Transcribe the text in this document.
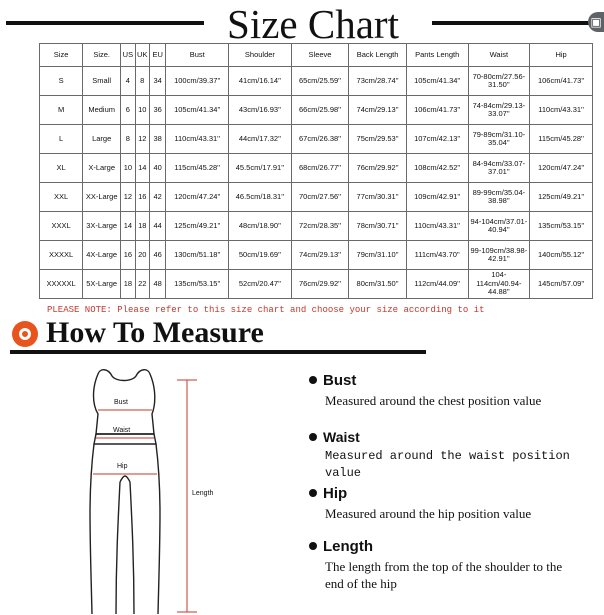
Size Chart	▣
Size	Size.	US	UK	EU	Bust	Shoulder	Sleeve	Back Length	Pants Length	Waist	Hip
S	Small	4	8	34	100cm/39.37''	41cm/16.14''	65cm/25.59''	73cm/28.74''	105cm/41.34''	70-80cm/27.56-31.50''	106cm/41.73''
M	Medium	6	10	36	105cm/41.34''	43cm/16.93''	66cm/25.98''	74cm/29.13''	106cm/41.73''	74-84cm/29.13-33.07''	110cm/43.31''
L	Large	8	12	38	110cm/43.31''	44cm/17.32''	67cm/26.38''	75cm/29.53''	107cm/42.13''	79-89cm/31.10-35.04''	115cm/45.28''
XL	X-Large	10	14	40	115cm/45.28''	45.5cm/17.91''	68cm/26.77''	76cm/29.92''	108cm/42.52''	84-94cm/33.07-37.01''	120cm/47.24''
XXL	XX-Large	12	16	42	120cm/47.24''	46.5cm/18.31''	70cm/27.56''	77cm/30.31''	109cm/42.91''	89-99cm/35.04-38.98''	125cm/49.21''
XXXL	3X-Large	14	18	44	125cm/49.21''	48cm/18.90''	72cm/28.35''	78cm/30.71''	110cm/43.31''	94-104cm/37.01-40.94''	135cm/53.15''
XXXXL	4X-Large	16	20	46	130cm/51.18''	50cm/19.69''	74cm/29.13''	79cm/31.10''	111cm/43.70''	99-109cm/38.98-42.91''	140cm/55.12''
XXXXXL	5X-Large	18	22	48	135cm/53.15''	52cm/20.47''	76cm/29.92''	80cm/31.50''	112cm/44.09''	104-114cm/40.94-44.88''	145cm/57.09''
PLEASE NOTE: Please refer to this size chart and choose your size according to it
How To Measure
Bust
Waist
Hip
Length
Bust
Measured around the chest position value
Waist
Measured around the waist position value
Hip
Measured around the hip position value
Length
The length from the top of the shoulder to the end of the hip
